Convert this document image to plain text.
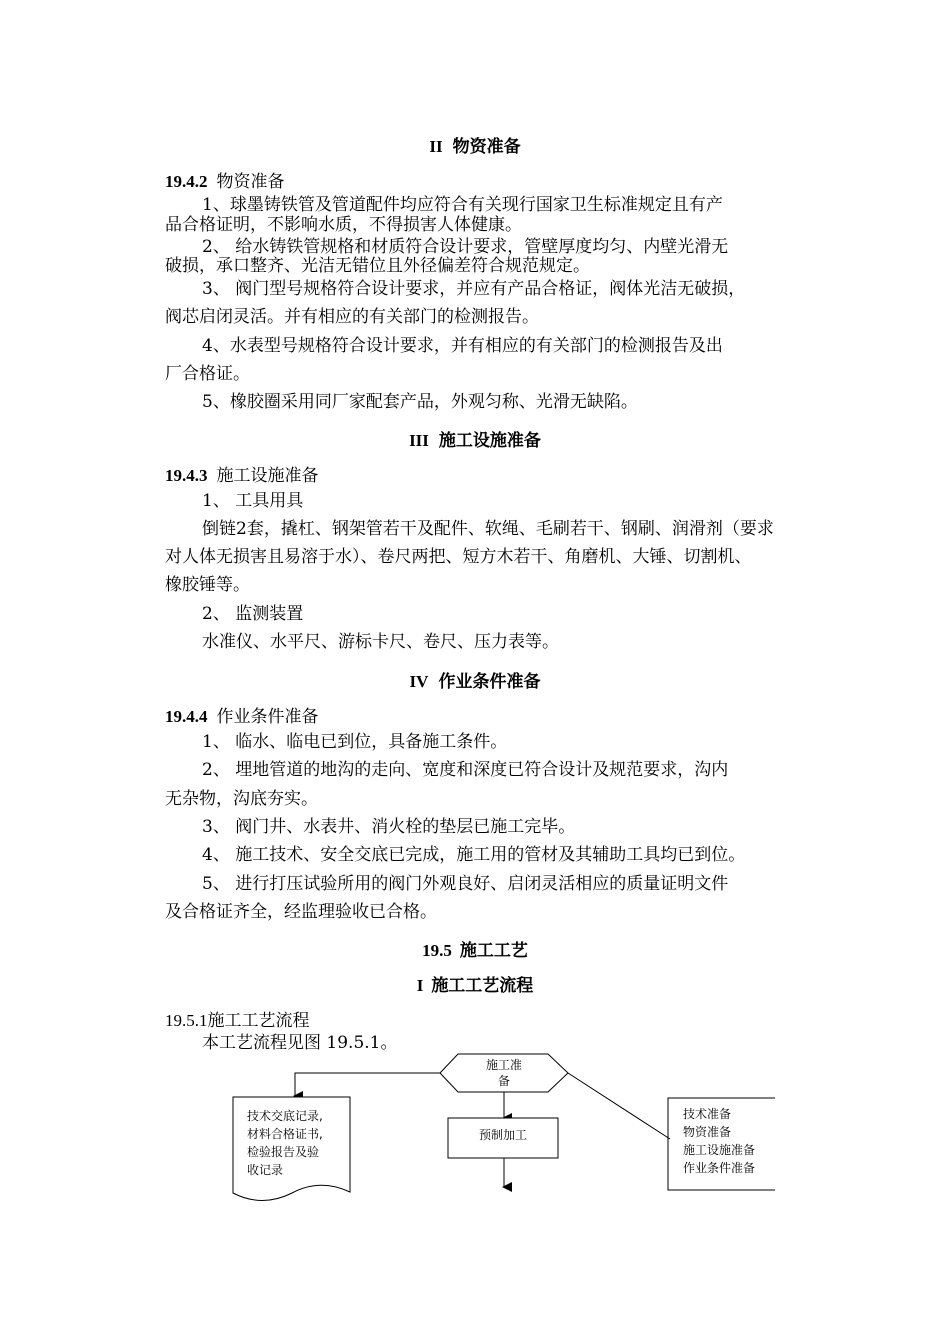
II 物资准备
19.4.2 物资准备
1、球墨铸铁管及管道配件均应符合有关现行国家卫生标准规定且有产
品合格证明，不影响水质，不得损害人体健康。
2、 给水铸铁管规格和材质符合设计要求，管壁厚度均匀、内壁光滑无
破损，承口整齐、光洁无错位且外径偏差符合规范规定。
3、 阀门型号规格符合设计要求，并应有产品合格证，阀体光洁无破损，
阀芯启闭灵活。并有相应的有关部门的检测报告。
4、水表型号规格符合设计要求，并有相应的有关部门的检测报告及出
厂合格证。
5、橡胶圈采用同厂家配套产品，外观匀称、光滑无缺陷。
III 施工设施准备
19.4.3 施工设施准备
1、 工具用具
倒链2套，撬杠、钢架管若干及配件、软绳、毛刷若干、钢刷、润滑剂（要求
对人体无损害且易溶于水）、卷尺两把、短方木若干、角磨机、大锤、切割机、
橡胶锤等。
2、 监测装置
水准仪、水平尺、游标卡尺、卷尺、压力表等。
IV 作业条件准备
19.4.4 作业条件准备
1、 临水、临电已到位，具备施工条件。
2、 埋地管道的地沟的走向、宽度和深度已符合设计及规范要求，沟内
无杂物，沟底夯实。
3、 阀门井、水表井、消火栓的垫层已施工完毕。
4、 施工技术、安全交底已完成，施工用的管材及其辅助工具均已到位。
5、 进行打压试验所用的阀门外观良好、启闭灵活相应的质量证明文件
及合格证齐全，经监理验收已合格。
19.5 施工工艺
I 施工工艺流程
19.5.1施工工艺流程
本工艺流程见图 19.5.1。
施工准
备
技术交底记录,
材料合格证书,
检验报告及验
收记录
预制加工
技术准备
物资准备
施工设施准备
作业条件准备
